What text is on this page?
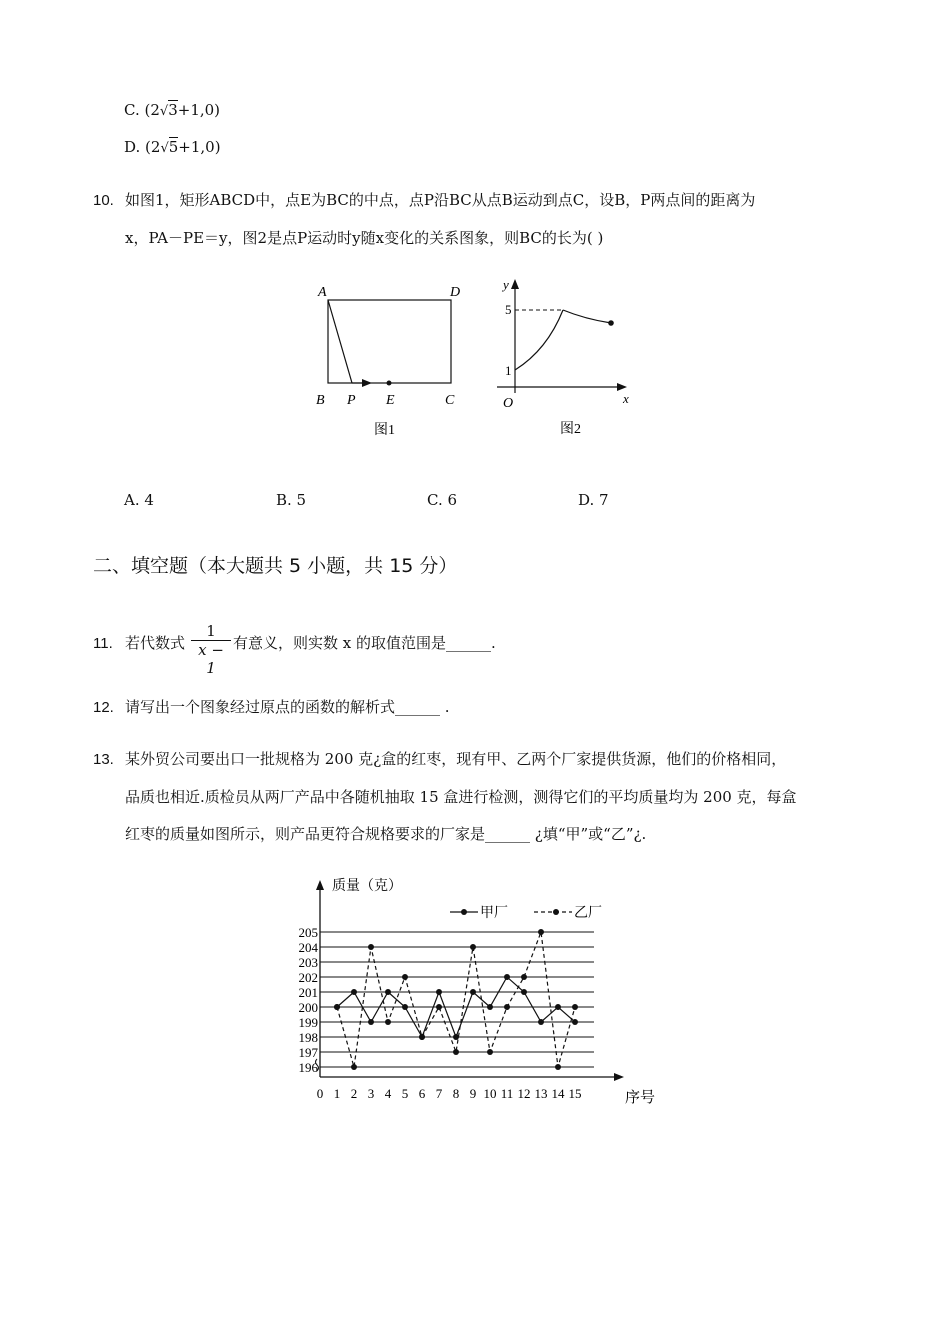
C. (2√3+1,0)
D. (2√5+1,0)
10. 如图1，矩形ABCD中，点E为BC的中点，点P沿BC从点B运动到点C，设B，P两点间的距离为
x，PA－PE＝y，图2是点P运动时y随x变化的关系图象，则BC的长为( )
A	D
B P E	C
图1
y
5
1
O	x
图2
A. 4	B. 5	C. 6	D. 7
二、填空题（本大题共 5 小题，共 15 分）
11. 若代数式
1
x − 1
有意义，则实数 x 的取值范围是______.
12. 请写出一个图象经过原点的函数的解析式______ .
13. 某外贸公司要出口一批规格为 200 克¿盒的红枣，现有甲、乙两个厂家提供货源，他们的价格相同，
品质也相近.质检员从两厂产品中各随机抽取 15 盒进行检测，测得它们的平均质量均为 200 克，每盒
红枣的质量如图所示，则产品更符合规格要求的厂家是______ ¿填“甲”或“乙”¿.
196
197
198
199
200
201
202
203
204
205
0 1 2 3 4 5 6 7 8 9 10 11 12 13 14 15
质量（克）
序号
甲厂	乙厂
